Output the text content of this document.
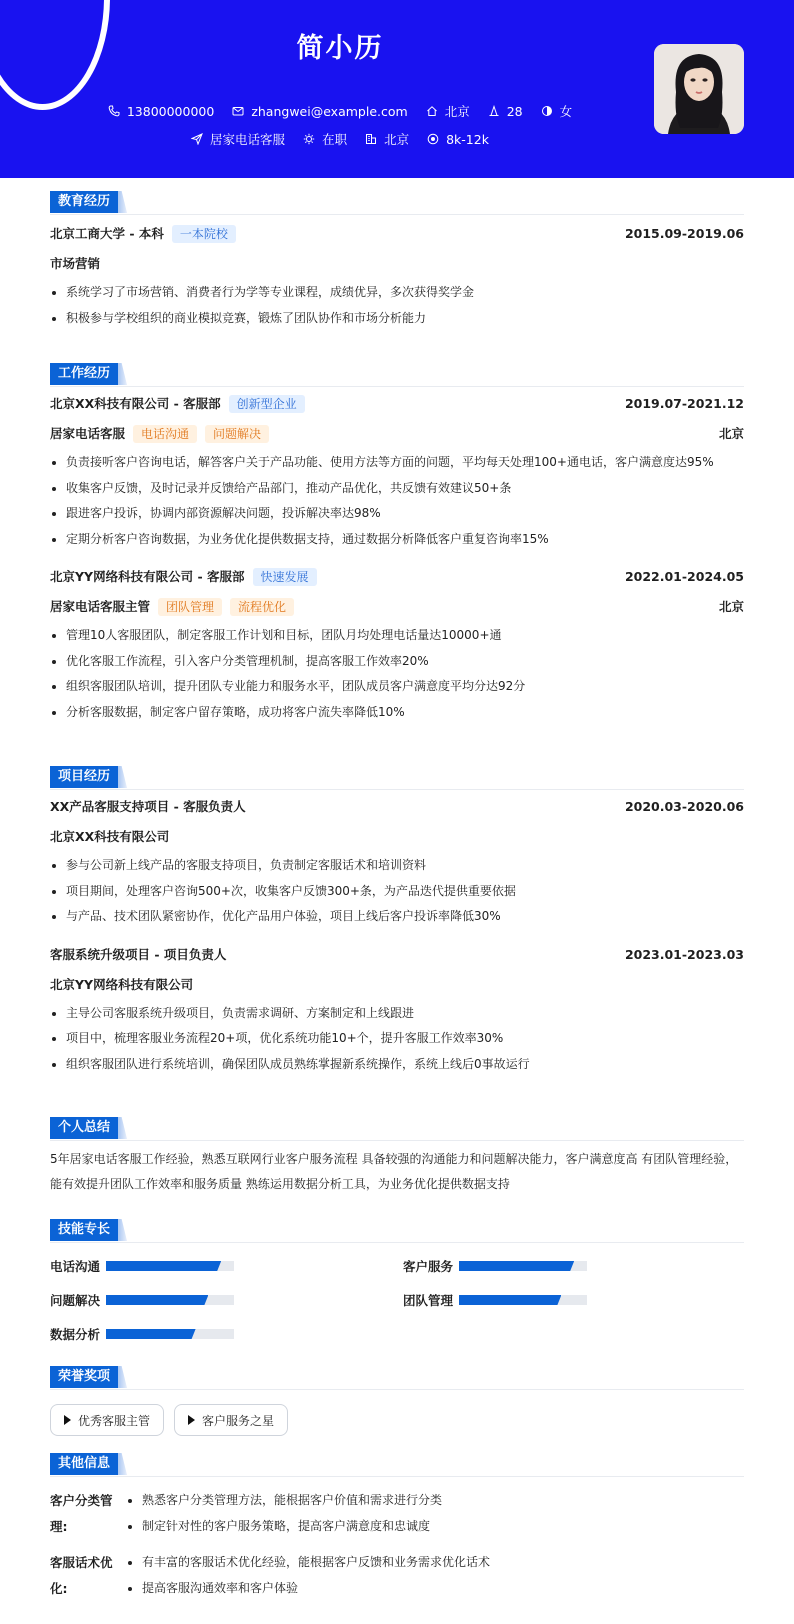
简小历
13800000000	zhangwei@example.com	北京	28	女
居家电话客服	在职	北京	8k-12k
教育经历
北京工商大学 - 本科	一本院校	2015.09-2019.06
市场营销
系统学习了市场营销、消费者行为学等专业课程，成绩优异，多次获得奖学金
积极参与学校组织的商业模拟竞赛，锻炼了团队协作和市场分析能力
工作经历
北京XX科技有限公司 - 客服部	创新型企业	2019.07-2021.12
居家电话客服	电话沟通	问题解决	北京
负责接听客户咨询电话，解答客户关于产品功能、使用方法等方面的问题，平均每天处理100+通电话，客户满意度达95%
收集客户反馈，及时记录并反馈给产品部门，推动产品优化，共反馈有效建议50+条
跟进客户投诉，协调内部资源解决问题，投诉解决率达98%
定期分析客户咨询数据，为业务优化提供数据支持，通过数据分析降低客户重复咨询率15%
北京YY网络科技有限公司 - 客服部	快速发展	2022.01-2024.05
居家电话客服主管	团队管理	流程优化	北京
管理10人客服团队，制定客服工作计划和目标，团队月均处理电话量达10000+通
优化客服工作流程，引入客户分类管理机制，提高客服工作效率20%
组织客服团队培训，提升团队专业能力和服务水平，团队成员客户满意度平均分达92分
分析客服数据，制定客户留存策略，成功将客户流失率降低10%
项目经历
XX产品客服支持项目 - 客服负责人	2020.03-2020.06
北京XX科技有限公司
参与公司新上线产品的客服支持项目，负责制定客服话术和培训资料
项目期间，处理客户咨询500+次，收集客户反馈300+条，为产品迭代提供重要依据
与产品、技术团队紧密协作，优化产品用户体验，项目上线后客户投诉率降低30%
客服系统升级项目 - 项目负责人	2023.01-2023.03
北京YY网络科技有限公司
主导公司客服系统升级项目，负责需求调研、方案制定和上线跟进
项目中，梳理客服业务流程20+项，优化系统功能10+个，提升客服工作效率30%
组织客服团队进行系统培训，确保团队成员熟练掌握新系统操作，系统上线后0事故运行
个人总结
5年居家电话客服工作经验，熟悉互联网行业客户服务流程 具备较强的沟通能力和问题解决能力，客户满意度高 有团队管理经验，
能有效提升团队工作效率和服务质量 熟练运用数据分析工具，为业务优化提供数据支持
技能专长
电话沟通	客户服务
问题解决	团队管理
数据分析
荣誉奖项
优秀客服主管	客户服务之星
其他信息
客户分类管理:
熟悉客户分类管理方法，能根据客户价值和需求进行分类
制定针对性的客户服务策略，提高客户满意度和忠诚度
客服话术优化:
有丰富的客服话术优化经验，能根据客户反馈和业务需求优化话术
提高客服沟通效率和客户体验
